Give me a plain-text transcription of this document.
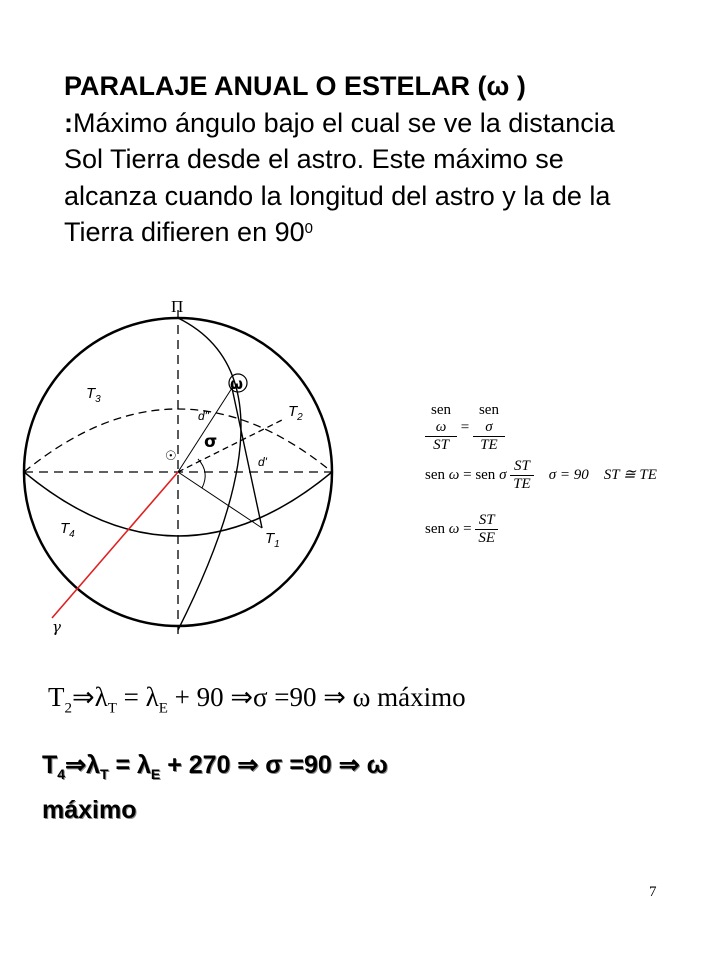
PARALAJE ANUAL O ESTELAR (ω )
:Máximo ángulo bajo el cual se ve la distancia Sol Tierra desde el astro. Este máximo se alcanza cuando la longitud del astro y la de la Tierra difieren en $90^0$
Π
$T_3$
$T_2$
$T_4$	$T_1$
☉
ω
σ
d"
d'
γ
sen
ω
ST = sen
σ
TE
sen ω = sen σ $\frac{ST}{TE}$ σ = 90 ST ≅ TE
sen $\omega = \frac{ST}{SE}$
$T_2\Rightarrow\lambda_T = \lambda_E + 90$ ⇒σ =90 ⇒ ω máximo
$T_4\Rightarrow\lambda_T = \lambda_E + 270$ ⇒ σ =90 ⇒ ω
máximo
7
